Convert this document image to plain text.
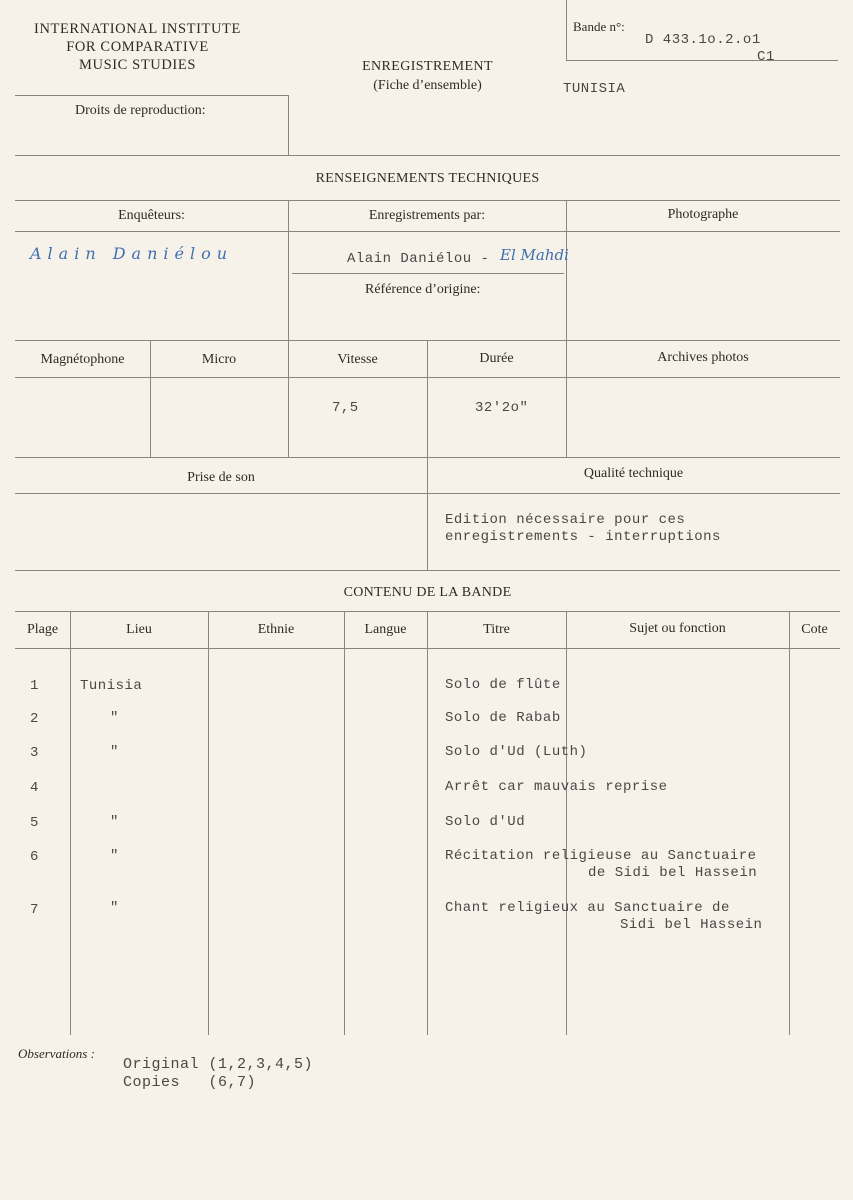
INTERNATIONAL INSTITUTE
FOR COMPARATIVE
MUSIC STUDIES	ENREGISTREMENT
(Fiche d’ensemble)	TUNISIA
Bande n°:
D 433.1o.2.o1
C1
Droits de reproduction:
RENSEIGNEMENTS TECHNIQUES
Enquêteurs:	Enregistrements par:	Photographe
Alain Daniélou	Alain Daniélou - El Mahdi
Référence d’origine:
Magnétophone	Micro	Vitesse	Durée	Archives photos
7,5	32'2o"
Prise de son	Qualité technique
Edition nécessaire pour ces
enregistrements - interruptions
CONTENU DE LA BANDE
Plage	Lieu	Ethnie	Langue	Titre	Sujet ou fonction	Cote
1	Tunisia	Solo de flûte
2	"	Solo de Rabab
3	"	Solo d'Ud (Luth)
4	Arrêt car mauvais reprise
5	"	Solo d'Ud
6	"	Récitation religieuse au Sanctuaire
de Sidi bel Hassein
7	"	Chant religieux au Sanctuaire de
Sidi bel Hassein
Observations :
Original (1,2,3,4,5)
Copies   (6,7)
